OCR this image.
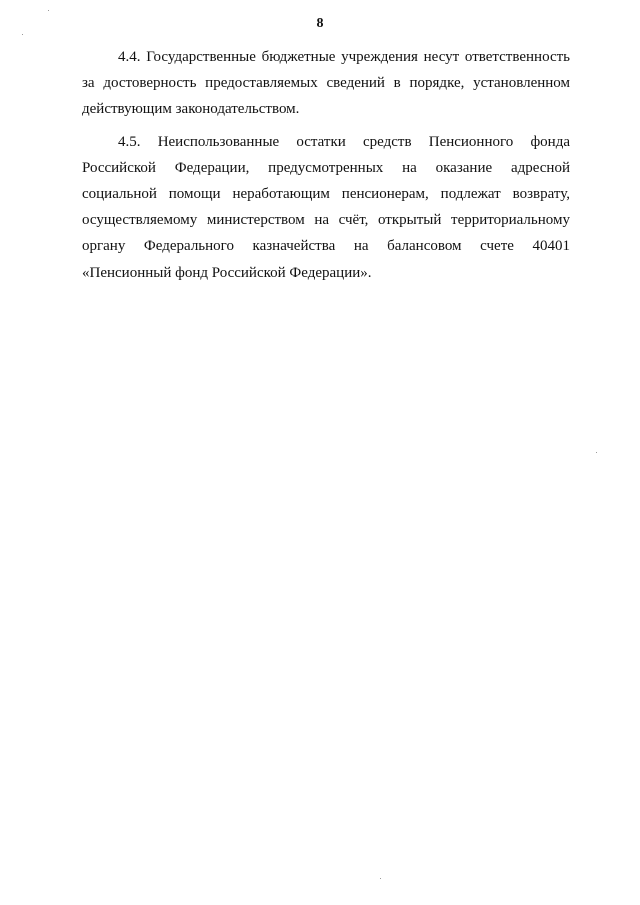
8

4.4. Государственные бюджетные учреждения несут ответственность за достоверность предоставляемых сведений в порядке, установленном действующим законодательством.

4.5. Неиспользованные остатки средств Пенсионного фонда Российской Федерации, предусмотренных на оказание адресной социальной помощи неработающим пенсионерам, подлежат возврату, осуществляемому министерством на счёт, открытый территориальному органу Федерального казначейства на балансовом счете 40401 «Пенсионный фонд Российской Федерации».
